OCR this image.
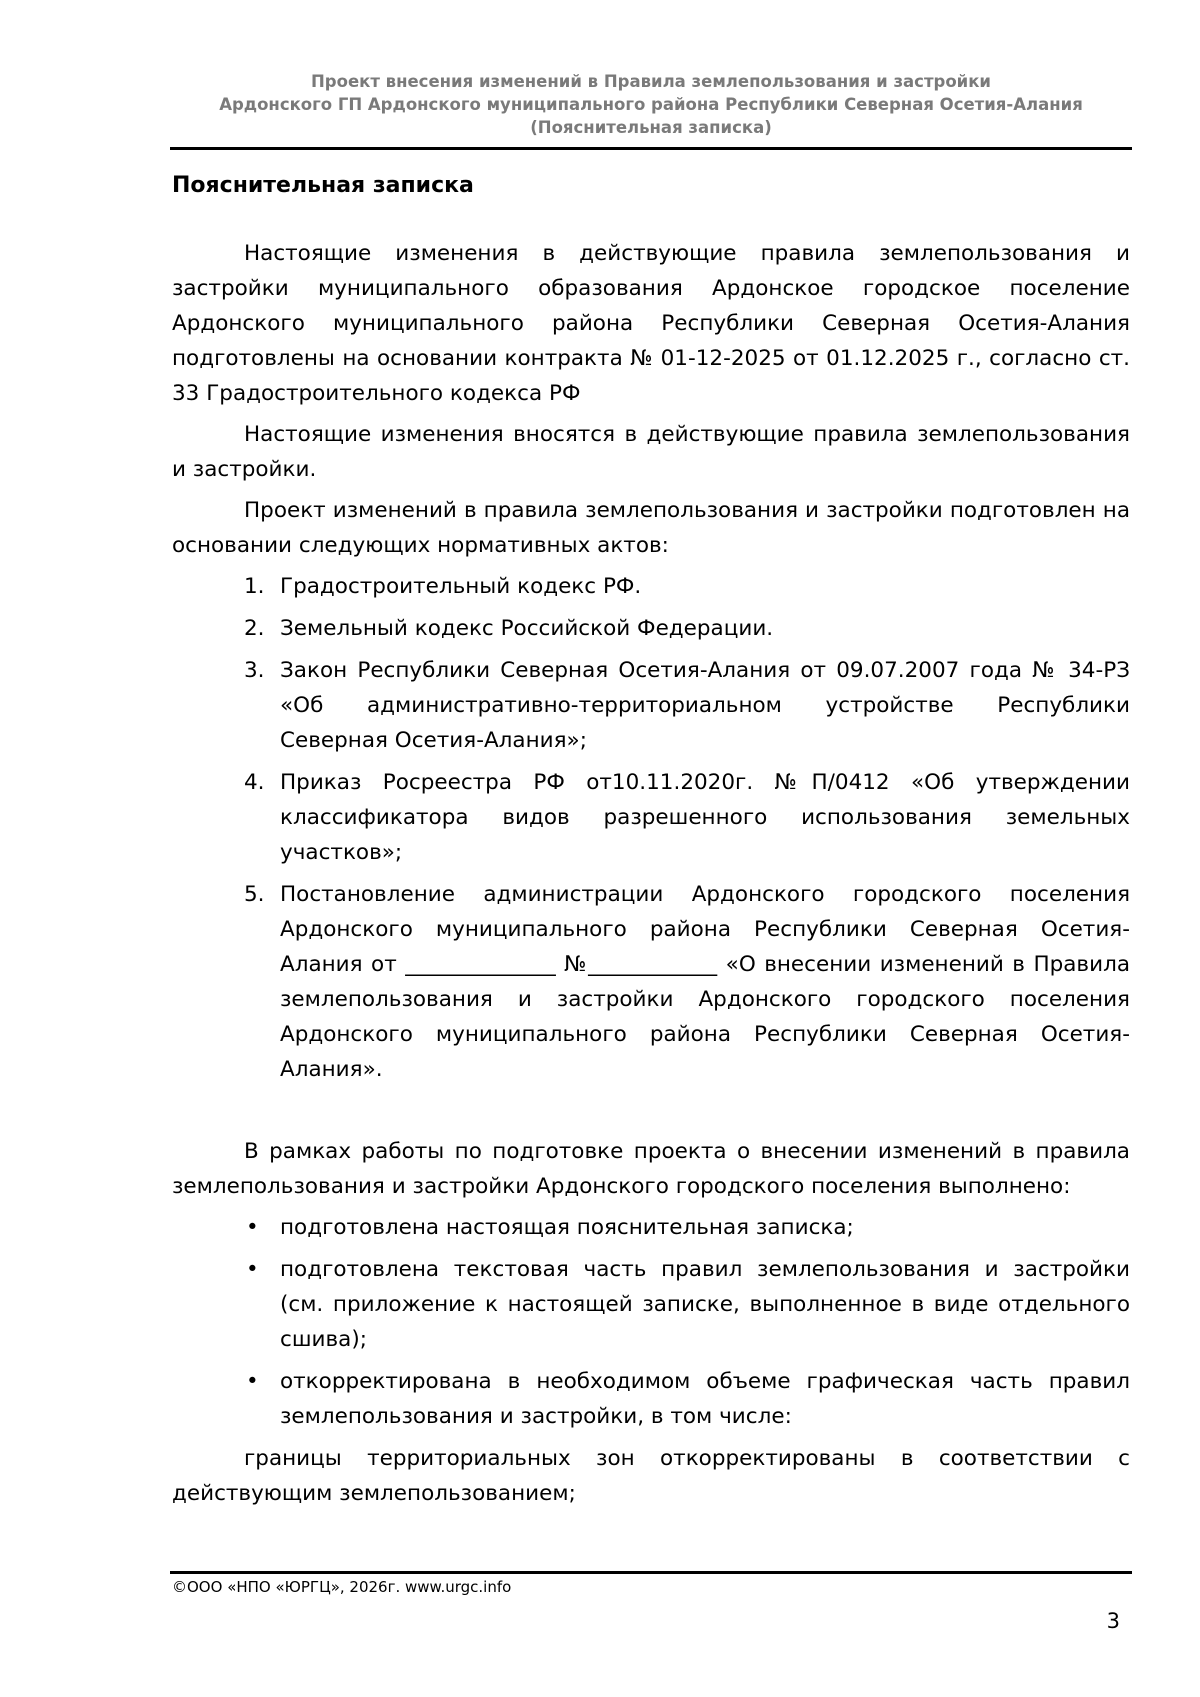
Проект внесения изменений в Правила землепользования и застройки
Ардонского ГП Ардонского муниципального района Республики Северная Осетия-Алания
(Пояснительная записка)
Пояснительная записка

Настоящие изменения в действующие правила землепользования и застройки муниципального образования Ардонское городское поселение Ардонского муниципального района Республики Северная Осетия-Алания подготовлены на основании контракта № 01-12-2025 от 01.12.2025 г., согласно ст. 33 Градостроительного кодекса РФ

Настоящие изменения вносятся в действующие правила землепользования и застройки.

Проект изменений в правила землепользования и застройки подготовлен на основании следующих нормативных актов:

1. Градостроительный кодекс РФ.
2. Земельный кодекс Российской Федерации.
3. Закон Республики Северная Осетия-Алания от 09.07.2007 года № 34-РЗ «Об административно-территориальном устройстве Республики Северная Осетия-Алания»;
4. Приказ Росреестра РФ от10.11.2020г. №П/0412 «Об утверждении классификатора видов разрешенного использования земельных участков»;
5. Постановление администрации Ардонского городского поселения Ардонского муниципального района Республики Северная Осетия-Алания от ______________ №____________ «О внесении изменений в Правила землепользования и застройки Ардонского городского поселения Ардонского муниципального района Республики Северная Осетия-Алания».

В рамках работы по подготовке проекта о внесении изменений в правила землепользования и застройки Ардонского городского поселения выполнено:

• подготовлена настоящая пояснительная записка;
• подготовлена текстовая часть правил землепользования и застройки (см. приложение к настоящей записке, выполненное в виде отдельного сшива);
• откорректирована в необходимом объеме графическая часть правил землепользования и застройки, в том числе:

границы территориальных зон откорректированы в соответствии с действующим землепользованием;

©ООО «НПО «ЮРГЦ», 2026г. www.urgc.info
3
